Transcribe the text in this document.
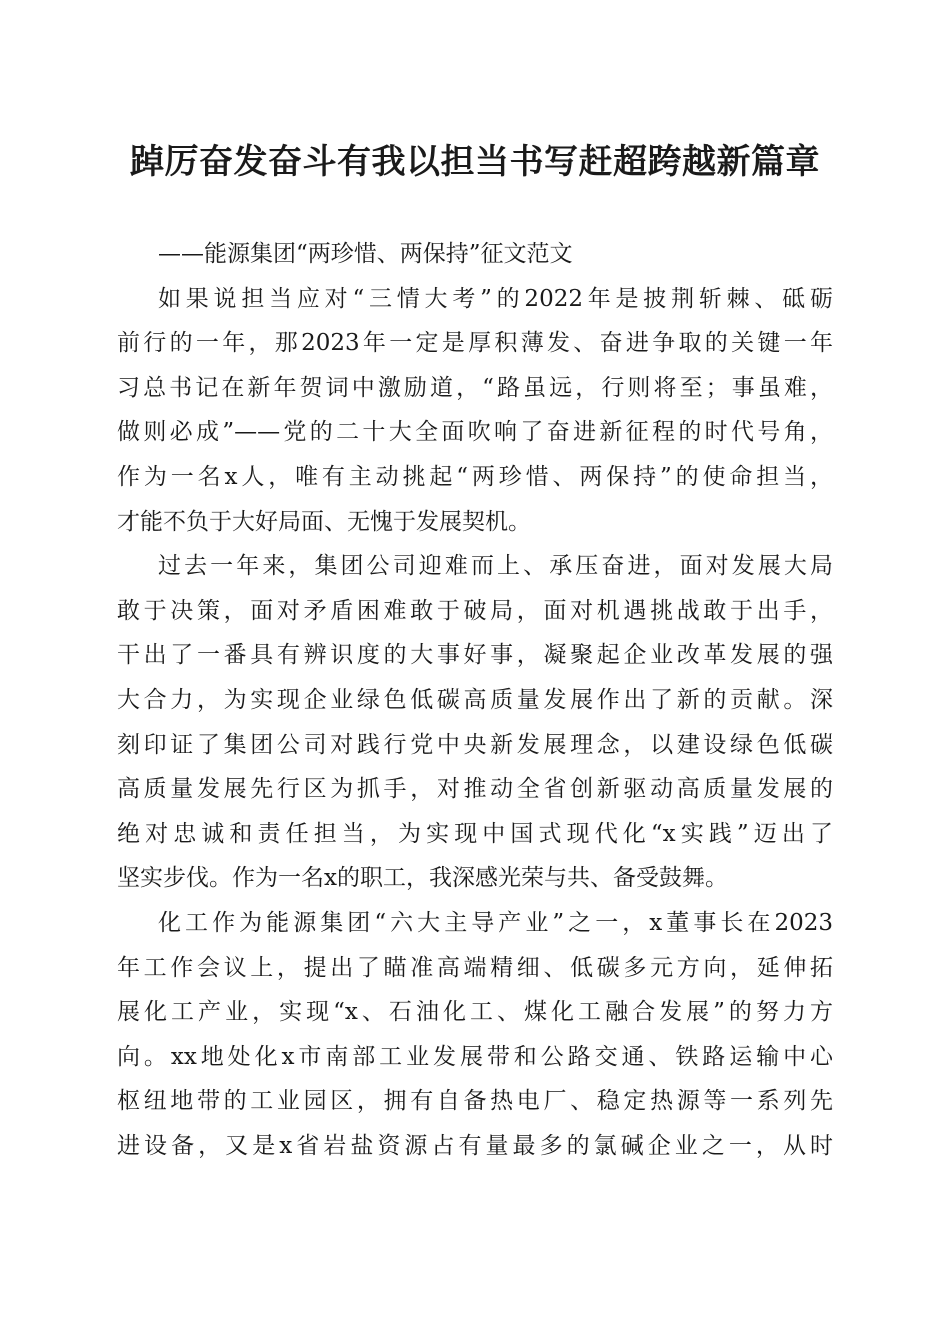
踔厉奋发奋斗有我以担当书写赶超跨越新篇章
——能源集团“两珍惜、两保持”征文范文
如果说担当应对“三情大考”的2022年是披荆斩棘、砥砺
前行的一年，那2023年一定是厚积薄发、奋进争取的关键一年
习总书记在新年贺词中激励道，“路虽远，行则将至；事虽难，
做则必成”——党的二十大全面吹响了奋进新征程的时代号角，
作为一名x人，唯有主动挑起“两珍惜、两保持”的使命担当，
才能不负于大好局面、无愧于发展契机。
过去一年来，集团公司迎难而上、承压奋进，面对发展大局
敢于决策，面对矛盾困难敢于破局，面对机遇挑战敢于出手，
干出了一番具有辨识度的大事好事，凝聚起企业改革发展的强
大合力，为实现企业绿色低碳高质量发展作出了新的贡献。深
刻印证了集团公司对践行党中央新发展理念，以建设绿色低碳
高质量发展先行区为抓手，对推动全省创新驱动高质量发展的
绝对忠诚和责任担当，为实现中国式现代化“x实践”迈出了
坚实步伐。作为一名x的职工，我深感光荣与共、备受鼓舞。
化工作为能源集团“六大主导产业”之一，x董事长在2023
年工作会议上，提出了瞄准高端精细、低碳多元方向，延伸拓
展化工产业，实现“x、石油化工、煤化工融合发展”的努力方
向。xx地处化x市南部工业发展带和公路交通、铁路运输中心
枢纽地带的工业园区，拥有自备热电厂、稳定热源等一系列先
进设备，又是x省岩盐资源占有量最多的氯碱企业之一，从时
